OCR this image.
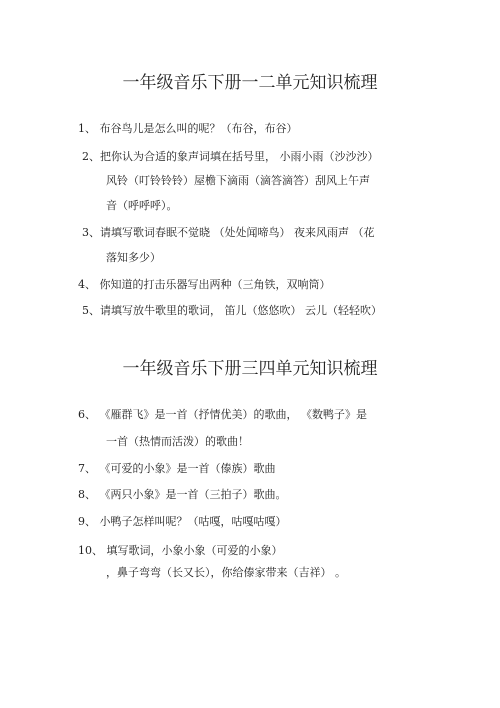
一年级音乐下册一二单元知识梳理
1、 布谷鸟儿是怎么叫的呢？（布谷，布谷）
2、把你认为合适的象声词填在括号里， 小雨小雨（沙沙沙）
风铃（叮铃铃铃）屋檐下滴雨（滴答滴答）刮风上午声
音（呼呼呼）。
3、请填写歌词春眠不觉晓 （处处闻啼鸟） 夜来风雨声 （花
落知多少）
4、 你知道的打击乐器写出两种（三角铁，双响筒）
5、请填写放牛歌里的歌词， 笛儿（悠悠吹） 云儿（轻轻吹）
一年级音乐下册三四单元知识梳理
6、 《雁群飞》是一首（抒情优美）的歌曲， 《数鸭子》是
一首（热情而活泼）的歌曲！
7、 《可爱的小象》是一首（傣族）歌曲
8、 《两只小象》是一首（三拍子）歌曲。
9、 小鸭子怎样叫呢？（咕嘎，咕嘎咕嘎）
10、 填写歌词，小象小象（可爱的小象）
，鼻子弯弯（长又长），你给傣家带来（吉祥） 。
